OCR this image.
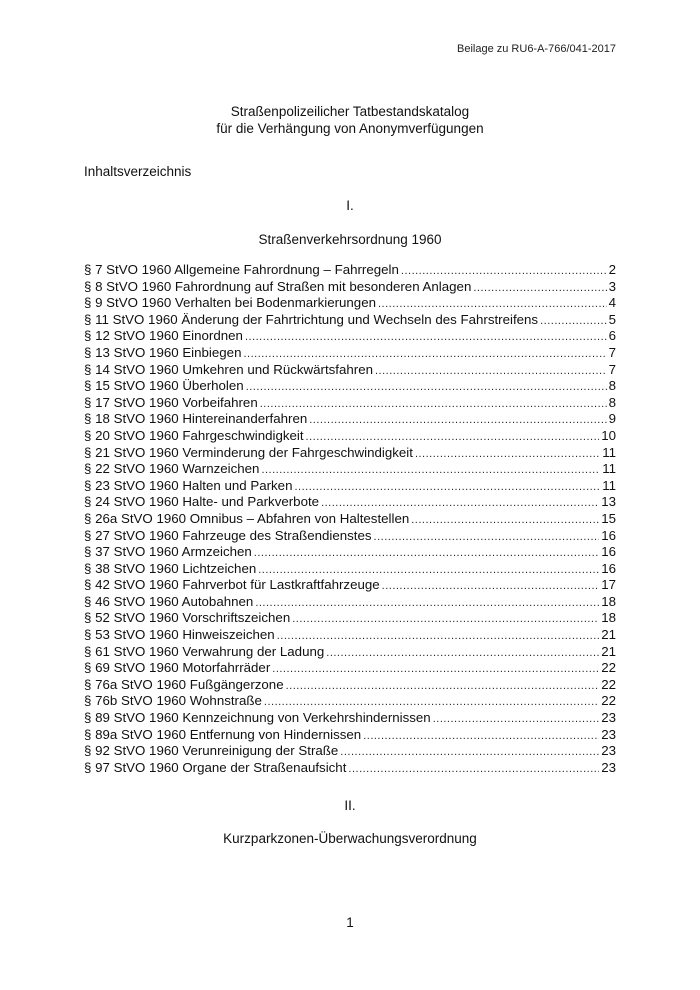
Beilage zu RU6-A-766/041-2017
Straßenpolizeilicher Tatbestandskatalog
für die Verhängung von Anonymverfügungen
Inhaltsverzeichnis
I.
Straßenverkehrsordnung 1960
§ 7 StVO 1960 Allgemeine Fahrordnung – Fahrregeln .....	2
§ 8 StVO 1960 Fahrordnung auf Straßen mit besonderen Anlagen .....	3
§ 9 StVO 1960 Verhalten bei Bodenmarkierungen .....	4
§ 11 StVO 1960 Änderung der Fahrtrichtung und Wechseln des Fahrstreifens .....	5
§ 12 StVO 1960 Einordnen .....	6
§ 13 StVO 1960 Einbiegen .....	7
§ 14 StVO 1960 Umkehren und Rückwärtsfahren .....	7
§ 15 StVO 1960 Überholen .....	8
§ 17 StVO 1960 Vorbeifahren .....	8
§ 18 StVO 1960 Hintereinanderfahren .....	9
§ 20 StVO 1960 Fahrgeschwindigkeit .....	10
§ 21 StVO 1960 Verminderung der Fahrgeschwindigkeit .....	11
§ 22 StVO 1960 Warnzeichen .....	11
§ 23 StVO 1960 Halten und Parken .....	11
§ 24 StVO 1960 Halte- und Parkverbote .....	13
§ 26a StVO 1960 Omnibus – Abfahren von Haltestellen .....	15
§ 27 StVO 1960 Fahrzeuge des Straßendienstes .....	16
§ 37 StVO 1960 Armzeichen .....	16
§ 38 StVO 1960 Lichtzeichen .....	16
§ 42 StVO 1960 Fahrverbot für Lastkraftfahrzeuge .....	17
§ 46 StVO 1960 Autobahnen .....	18
§ 52 StVO 1960 Vorschriftszeichen .....	18
§ 53 StVO 1960 Hinweiszeichen .....	21
§ 61 StVO 1960 Verwahrung der Ladung .....	21
§ 69 StVO 1960 Motorfahrräder .....	22
§ 76a StVO 1960 Fußgängerzone .....	22
§ 76b StVO 1960 Wohnstraße .....	22
§ 89 StVO 1960 Kennzeichnung von Verkehrshindernissen .....	23
§ 89a StVO 1960 Entfernung von Hindernissen .....	23
§ 92 StVO 1960 Verunreinigung der Straße .....	23
§ 97 StVO 1960 Organe der Straßenaufsicht .....	23
II.
Kurzparkzonen-Überwachungsverordnung
1
